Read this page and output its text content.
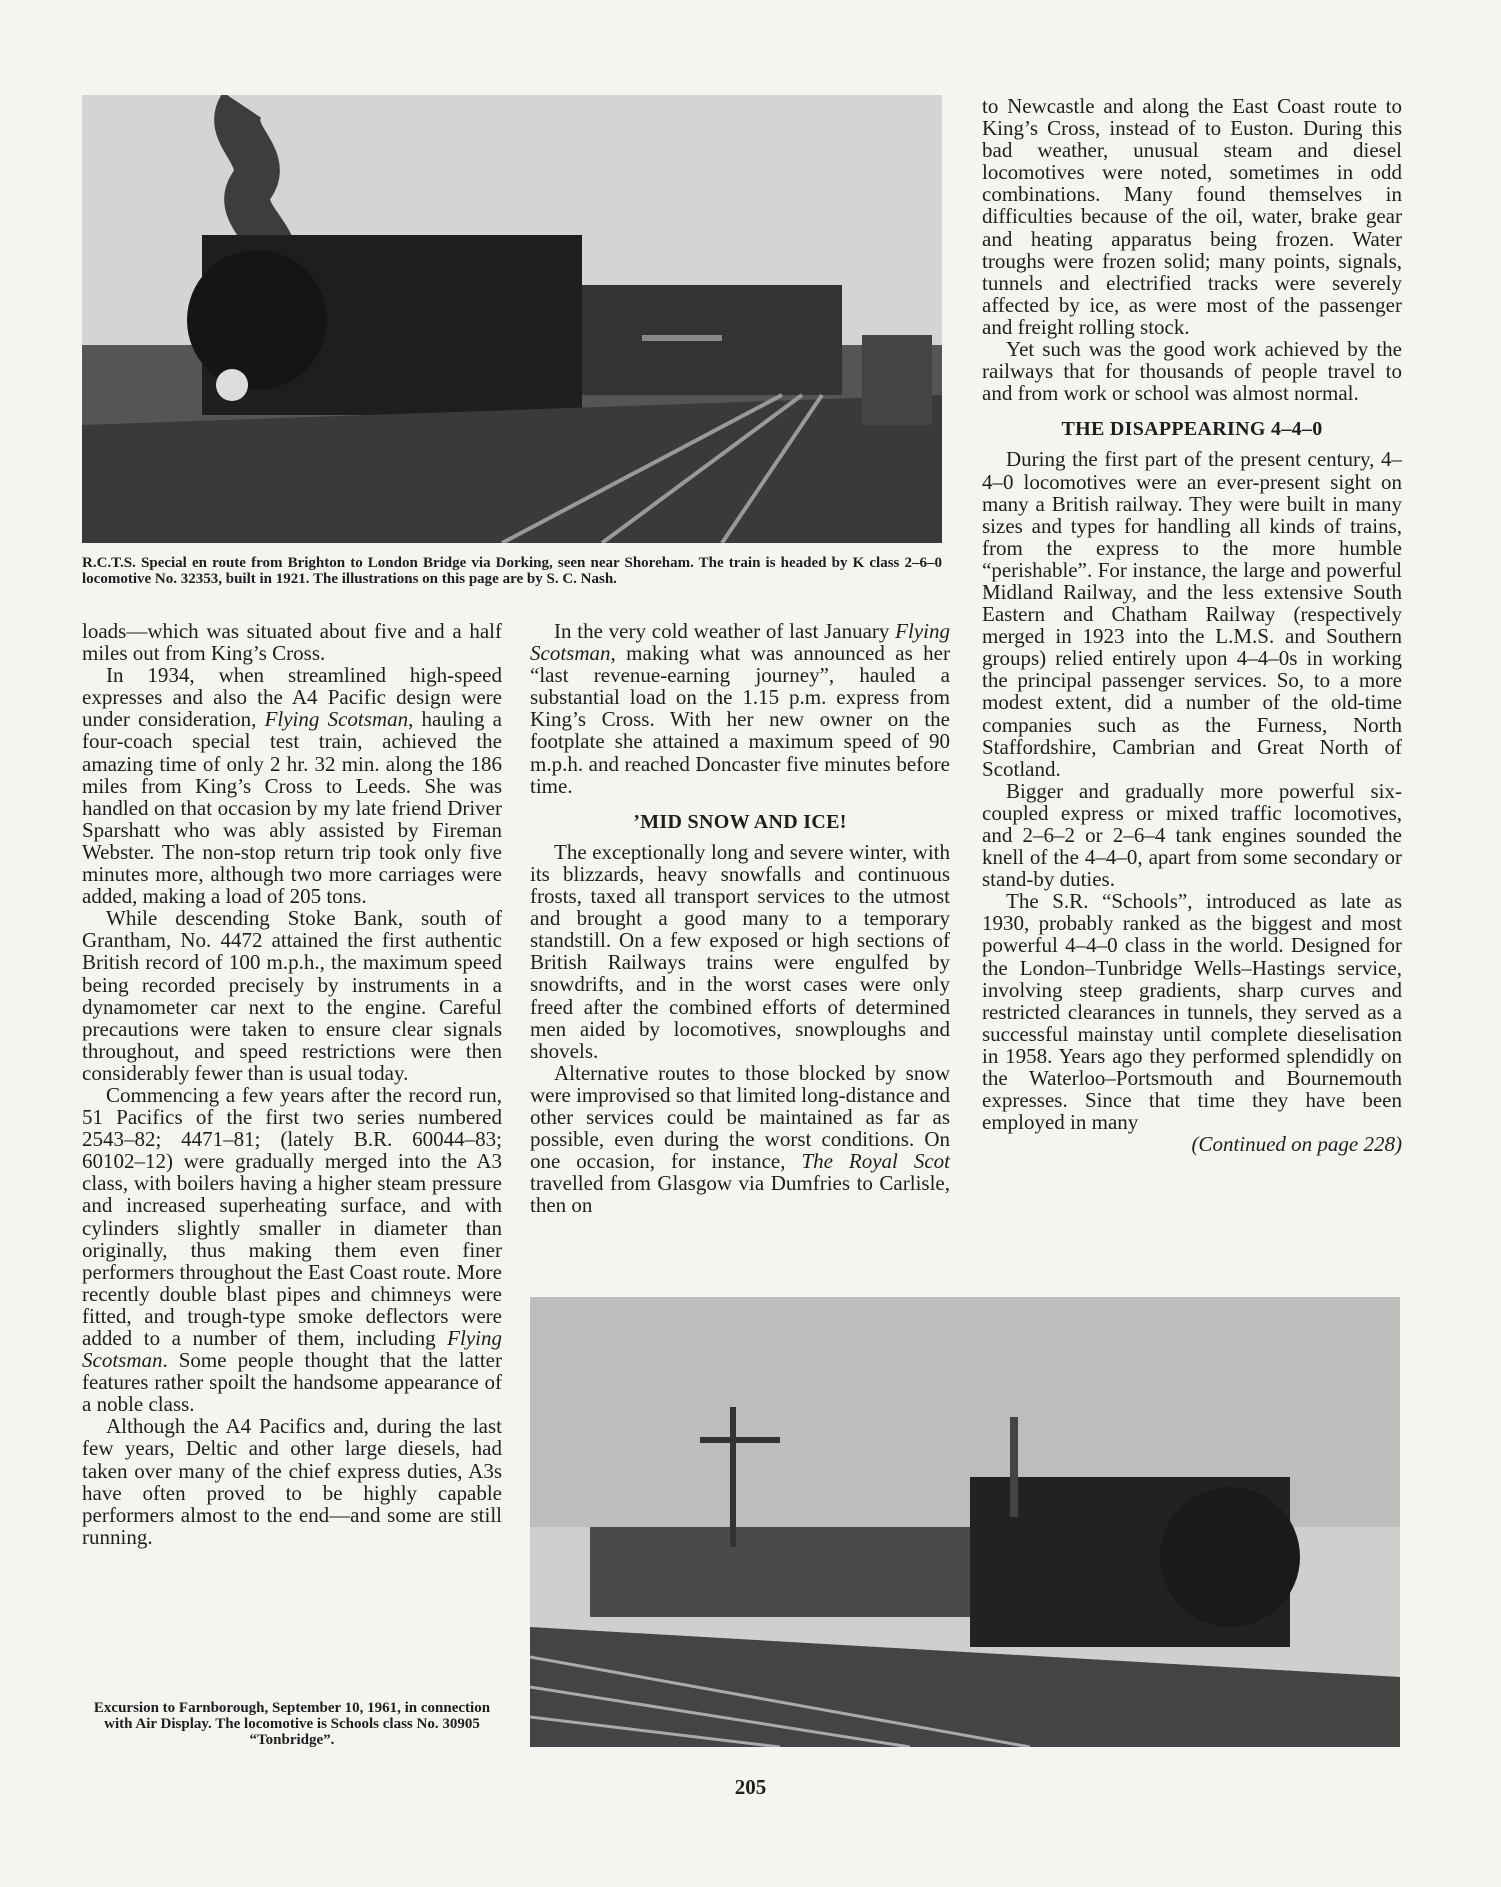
R.C.T.S. Special en route from Brighton to London Bridge via Dorking, seen near Shoreham. The train is headed by K class 2–6–0 locomotive No. 32353, built in 1921. The illustrations on this page are by S. C. Nash.

loads—which was situated about five and a half miles out from King’s Cross.

In 1934, when streamlined high-speed expresses and also the A4 Pacific design were under consideration, Flying Scotsman, hauling a four-coach special test train, achieved the amazing time of only 2 hr. 32 min. along the 186 miles from King’s Cross to Leeds. She was handled on that occasion by my late friend Driver Sparshatt who was ably assisted by Fireman Webster. The non-stop return trip took only five minutes more, although two more carriages were added, making a load of 205 tons.

While descending Stoke Bank, south of Grantham, No. 4472 attained the first authentic British record of 100 m.p.h., the maximum speed being recorded precisely by instruments in a dynamometer car next to the engine. Careful precautions were taken to ensure clear signals throughout, and speed restrictions were then considerably fewer than is usual today.

Commencing a few years after the record run, 51 Pacifics of the first two series numbered 2543–82; 4471–81; (lately B.R. 60044–83; 60102–12) were gradually merged into the A3 class, with boilers having a higher steam pressure and increased superheating surface, and with cylinders slightly smaller in diameter than originally, thus making them even finer performers throughout the East Coast route. More recently double blast pipes and chimneys were fitted, and trough-type smoke deflectors were added to a number of them, including Flying Scotsman. Some people thought that the latter features rather spoilt the handsome appearance of a noble class.

Although the A4 Pacifics and, during the last few years, Deltic and other large diesels, had taken over many of the chief express duties, A3s have often proved to be highly capable performers almost to the end—and some are still running.

Excursion to Farnborough, September 10, 1961, in connection with Air Display. The locomotive is Schools class No. 30905 “Tonbridge”.

In the very cold weather of last January Flying Scotsman, making what was announced as her “last revenue-earning journey”, hauled a substantial load on the 1.15 p.m. express from King’s Cross. With her new owner on the footplate she attained a maximum speed of 90 m.p.h. and reached Doncaster five minutes before time.

’MID SNOW AND ICE!

The exceptionally long and severe winter, with its blizzards, heavy snowfalls and continuous frosts, taxed all transport services to the utmost and brought a good many to a temporary standstill. On a few exposed or high sections of British Railways trains were engulfed by snowdrifts, and in the worst cases were only freed after the combined efforts of determined men aided by locomotives, snowploughs and shovels.

Alternative routes to those blocked by snow were improvised so that limited long-distance and other services could be maintained as far as possible, even during the worst conditions. On one occasion, for instance, The Royal Scot travelled from Glasgow via Dumfries to Carlisle, then on

to Newcastle and along the East Coast route to King’s Cross, instead of to Euston. During this bad weather, unusual steam and diesel locomotives were noted, sometimes in odd combinations. Many found themselves in difficulties because of the oil, water, brake gear and heating apparatus being frozen. Water troughs were frozen solid; many points, signals, tunnels and electrified tracks were severely affected by ice, as were most of the passenger and freight rolling stock.

Yet such was the good work achieved by the railways that for thousands of people travel to and from work or school was almost normal.

THE DISAPPEARING 4–4–0

During the first part of the present century, 4–4–0 locomotives were an ever-present sight on many a British railway. They were built in many sizes and types for handling all kinds of trains, from the express to the more humble “perishable”. For instance, the large and powerful Midland Railway, and the less extensive South Eastern and Chatham Railway (respectively merged in 1923 into the L.M.S. and Southern groups) relied entirely upon 4–4–0s in working the principal passenger services. So, to a more modest extent, did a number of the old-time companies such as the Furness, North Staffordshire, Cambrian and Great North of Scotland.

Bigger and gradually more powerful six-coupled express or mixed traffic locomotives, and 2–6–2 or 2–6–4 tank engines sounded the knell of the 4–4–0, apart from some secondary or stand-by duties.

The S.R. “Schools”, introduced as late as 1930, probably ranked as the biggest and most powerful 4–4–0 class in the world. Designed for the London–Tunbridge Wells–Hastings service, involving steep gradients, sharp curves and restricted clearances in tunnels, they served as a successful mainstay until complete dieselisation in 1958. Years ago they performed splendidly on the Waterloo–Portsmouth and Bournemouth expresses. Since that time they have been employed in many

(Continued on page 228)

205
